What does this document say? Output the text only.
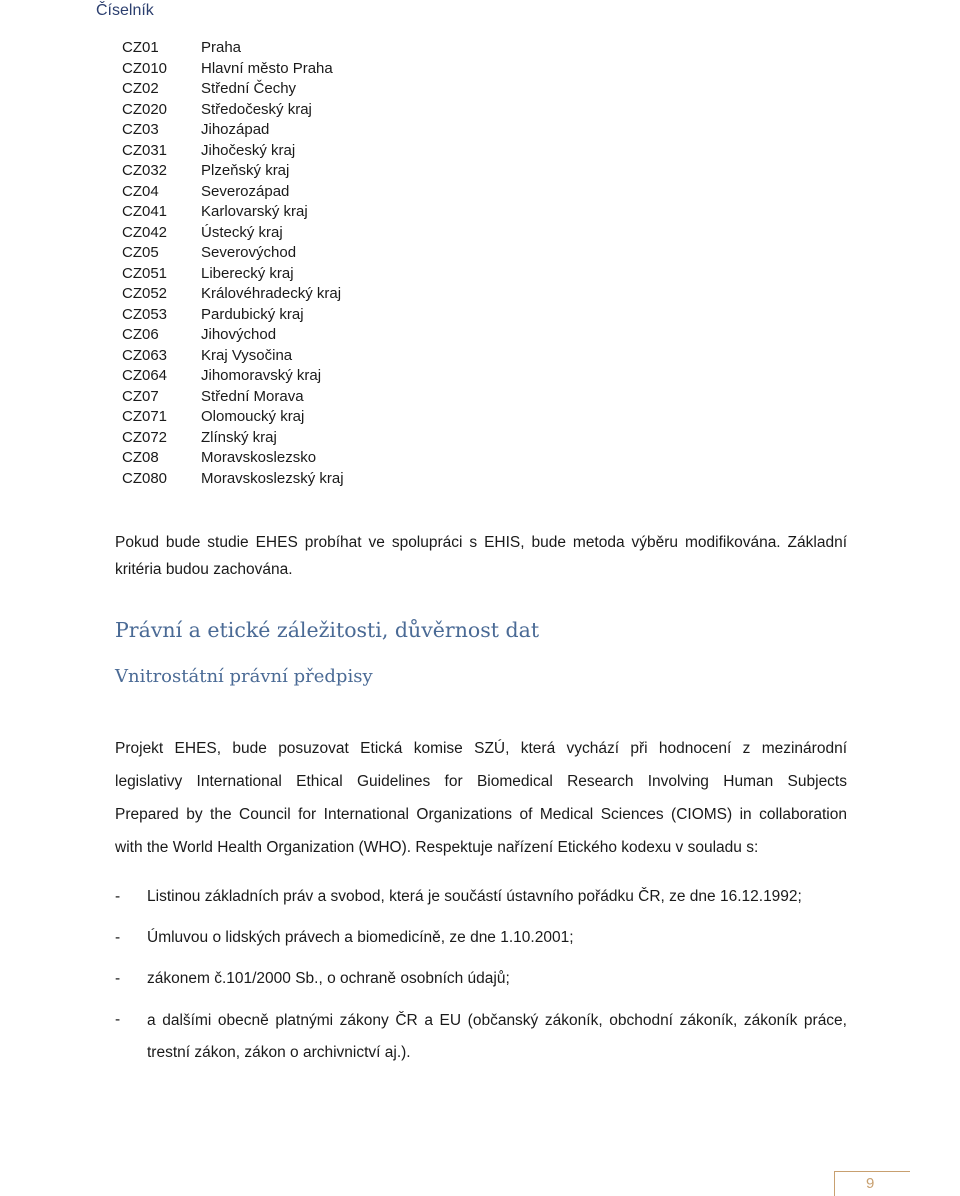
Číselník
CZ01	Praha
CZ010	Hlavní město Praha
CZ02	Střední Čechy
CZ020	Středočeský kraj
CZ03	Jihozápad
CZ031	Jihočeský kraj
CZ032	Plzeňský kraj
CZ04	Severozápad
CZ041	Karlovarský kraj
CZ042	Ústecký kraj
CZ05	Severovýchod
CZ051	Liberecký kraj
CZ052	Královéhradecký kraj
CZ053	Pardubický kraj
CZ06	Jihovýchod
CZ063	Kraj Vysočina
CZ064	Jihomoravský kraj
CZ07	Střední Morava
CZ071	Olomoucký kraj
CZ072	Zlínský kraj
CZ08	Moravskoslezsko
CZ080	Moravskoslezský kraj
Pokud bude studie EHES probíhat ve spolupráci s EHIS, bude metoda výběru modifikována. Základní
kritéria budou zachována.
Právní a etické záležitosti, důvěrnost dat
Vnitrostátní právní předpisy
Projekt EHES, bude posuzovat Etická komise SZÚ, která vychází při hodnocení z mezinárodní
legislativy International Ethical Guidelines for Biomedical Research Involving Human Subjects
Prepared by the Council for International Organizations of Medical Sciences (CIOMS) in collaboration
with the World Health Organization (WHO). Respektuje nařízení Etického kodexu v souladu s:
- Listinou základních práv a svobod, která je součástí ústavního pořádku ČR, ze dne 16.12.1992;
- Úmluvou o lidských právech a biomedicíně, ze dne 1.10.2001;
- zákonem č.101/2000 Sb., o ochraně osobních údajů;
- a dalšími obecně platnými zákony ČR a EU (občanský zákoník, obchodní zákoník, zákoník práce, trestní zákon, zákon o archivnictví aj.).
9
